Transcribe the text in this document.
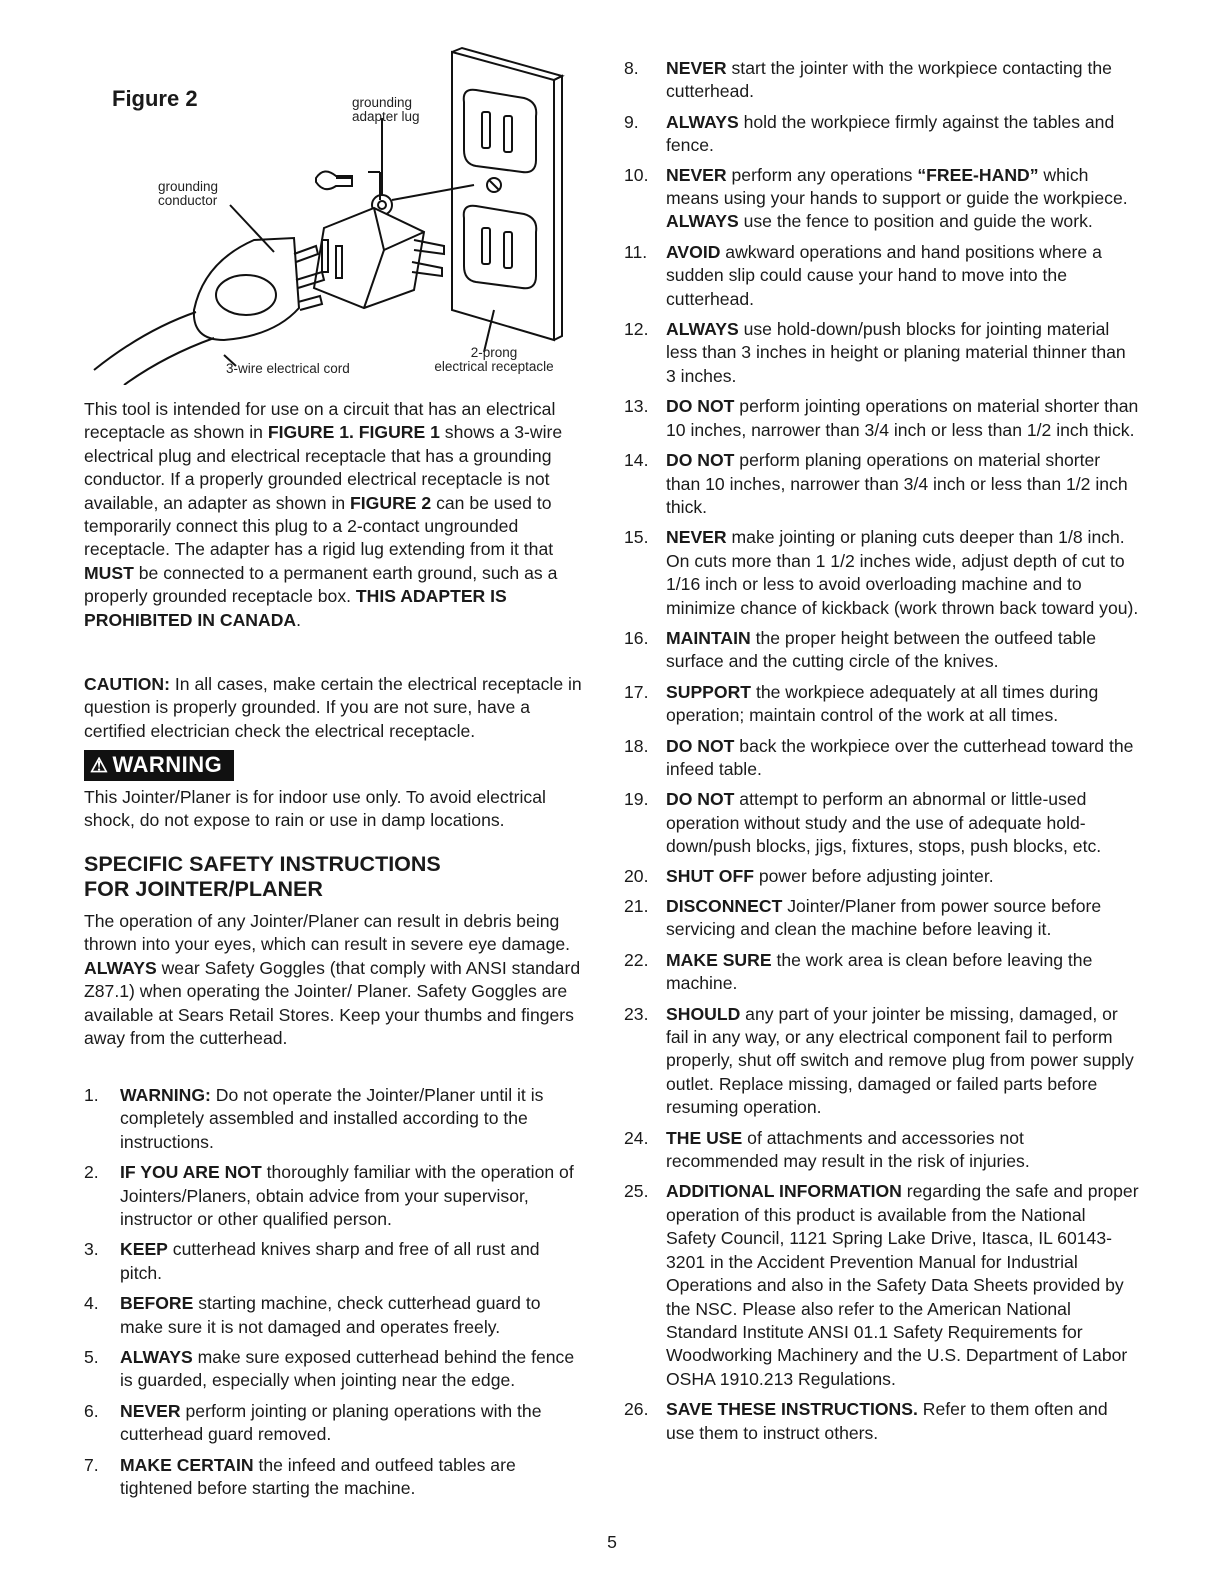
Figure 2	grounding
adapter lug
grounding
conductor
3-wire electrical cord
2-prong
electrical receptacle

This tool is intended for use on a circuit that has an electrical receptacle as shown in FIGURE 1. FIGURE 1 shows a 3-wire electrical plug and electrical receptacle that has a grounding conductor. If a properly grounded electrical receptacle is not available, an adapter as shown in FIGURE 2 can be used to temporarily connect this plug to a 2-contact ungrounded receptacle. The adapter has a rigid lug extending from it that MUST be connected to a permanent earth ground, such as a properly grounded receptacle box. THIS ADAPTER IS PROHIBITED IN CANADA.

CAUTION: In all cases, make certain the electrical receptacle in question is properly grounded. If you are not sure, have a certified electrician check the electrical receptacle.

⚠ WARNING

This Jointer/Planer is for indoor use only. To avoid electrical shock, do not expose to rain or use in damp locations.

SPECIFIC SAFETY INSTRUCTIONS

FOR JOINTER/PLANER

The operation of any Jointer/Planer can result in debris being thrown into your eyes, which can result in severe eye damage. ALWAYS wear Safety Goggles (that comply with ANSI standard Z87.1) when operating the Jointer/ Planer. Safety Goggles are available at Sears Retail Stores. Keep your thumbs and fingers away from the cutterhead.

1. WARNING: Do not operate the Jointer/Planer until it is completely assembled and installed according to the instructions.
2. IF YOU ARE NOT thoroughly familiar with the operation of Jointers/Planers, obtain advice from your supervisor, instructor or other qualified person.
3. KEEP cutterhead knives sharp and free of all rust and pitch.
4. BEFORE starting machine, check cutterhead guard to make sure it is not damaged and operates freely.
5. ALWAYS make sure exposed cutterhead behind the fence is guarded, especially when jointing near the edge.
6. NEVER perform jointing or planing operations with the cutterhead guard removed.
7. MAKE CERTAIN the infeed and outfeed tables are tightened before starting the machine.
8. NEVER start the jointer with the workpiece contacting the cutterhead.
9. ALWAYS hold the workpiece firmly against the tables and fence.
10. NEVER perform any operations “FREE-HAND” which means using your hands to support or guide the workpiece. ALWAYS use the fence to position and guide the work.
11. AVOID awkward operations and hand positions where a sudden slip could cause your hand to move into the cutterhead.
12. ALWAYS use hold-down/push blocks for jointing material less than 3 inches in height or planing material thinner than 3 inches.
13. DO NOT perform jointing operations on material shorter than 10 inches, narrower than 3/4 inch or less than 1/2 inch thick.
14. DO NOT perform planing operations on material shorter than 10 inches, narrower than 3/4 inch or less than 1/2 inch thick.
15. NEVER make jointing or planing cuts deeper than 1/8 inch. On cuts more than 1 1/2 inches wide, adjust depth of cut to 1/16 inch or less to avoid overloading machine and to minimize chance of kickback (work thrown back toward you).
16. MAINTAIN the proper height between the outfeed table surface and the cutting circle of the knives.
17. SUPPORT the workpiece adequately at all times during operation; maintain control of the work at all times.
18. DO NOT back the workpiece over the cutterhead toward the infeed table.
19. DO NOT attempt to perform an abnormal or little-used operation without study and the use of adequate hold-down/push blocks, jigs, fixtures, stops, push blocks, etc.
20. SHUT OFF power before adjusting jointer.
21. DISCONNECT Jointer/Planer from power source before servicing and clean the machine before leaving it.
22. MAKE SURE the work area is clean before leaving the machine.
23. SHOULD any part of your jointer be missing, damaged, or fail in any way, or any electrical component fail to perform properly, shut off switch and remove plug from power supply outlet. Replace missing, damaged or failed parts before resuming operation.
24. THE USE of attachments and accessories not recommended may result in the risk of injuries.
25. ADDITIONAL INFORMATION regarding the safe and proper operation of this product is available from the National Safety Council, 1121 Spring Lake Drive, Itasca, IL 60143-3201 in the Accident Prevention Manual for Industrial Operations and also in the Safety Data Sheets provided by the NSC. Please also refer to the American National Standard Institute ANSI 01.1 Safety Requirements for Woodworking Machinery and the U.S. Department of Labor OSHA 1910.213 Regulations.
26. SAVE THESE INSTRUCTIONS. Refer to them often and use them to instruct others.
5
